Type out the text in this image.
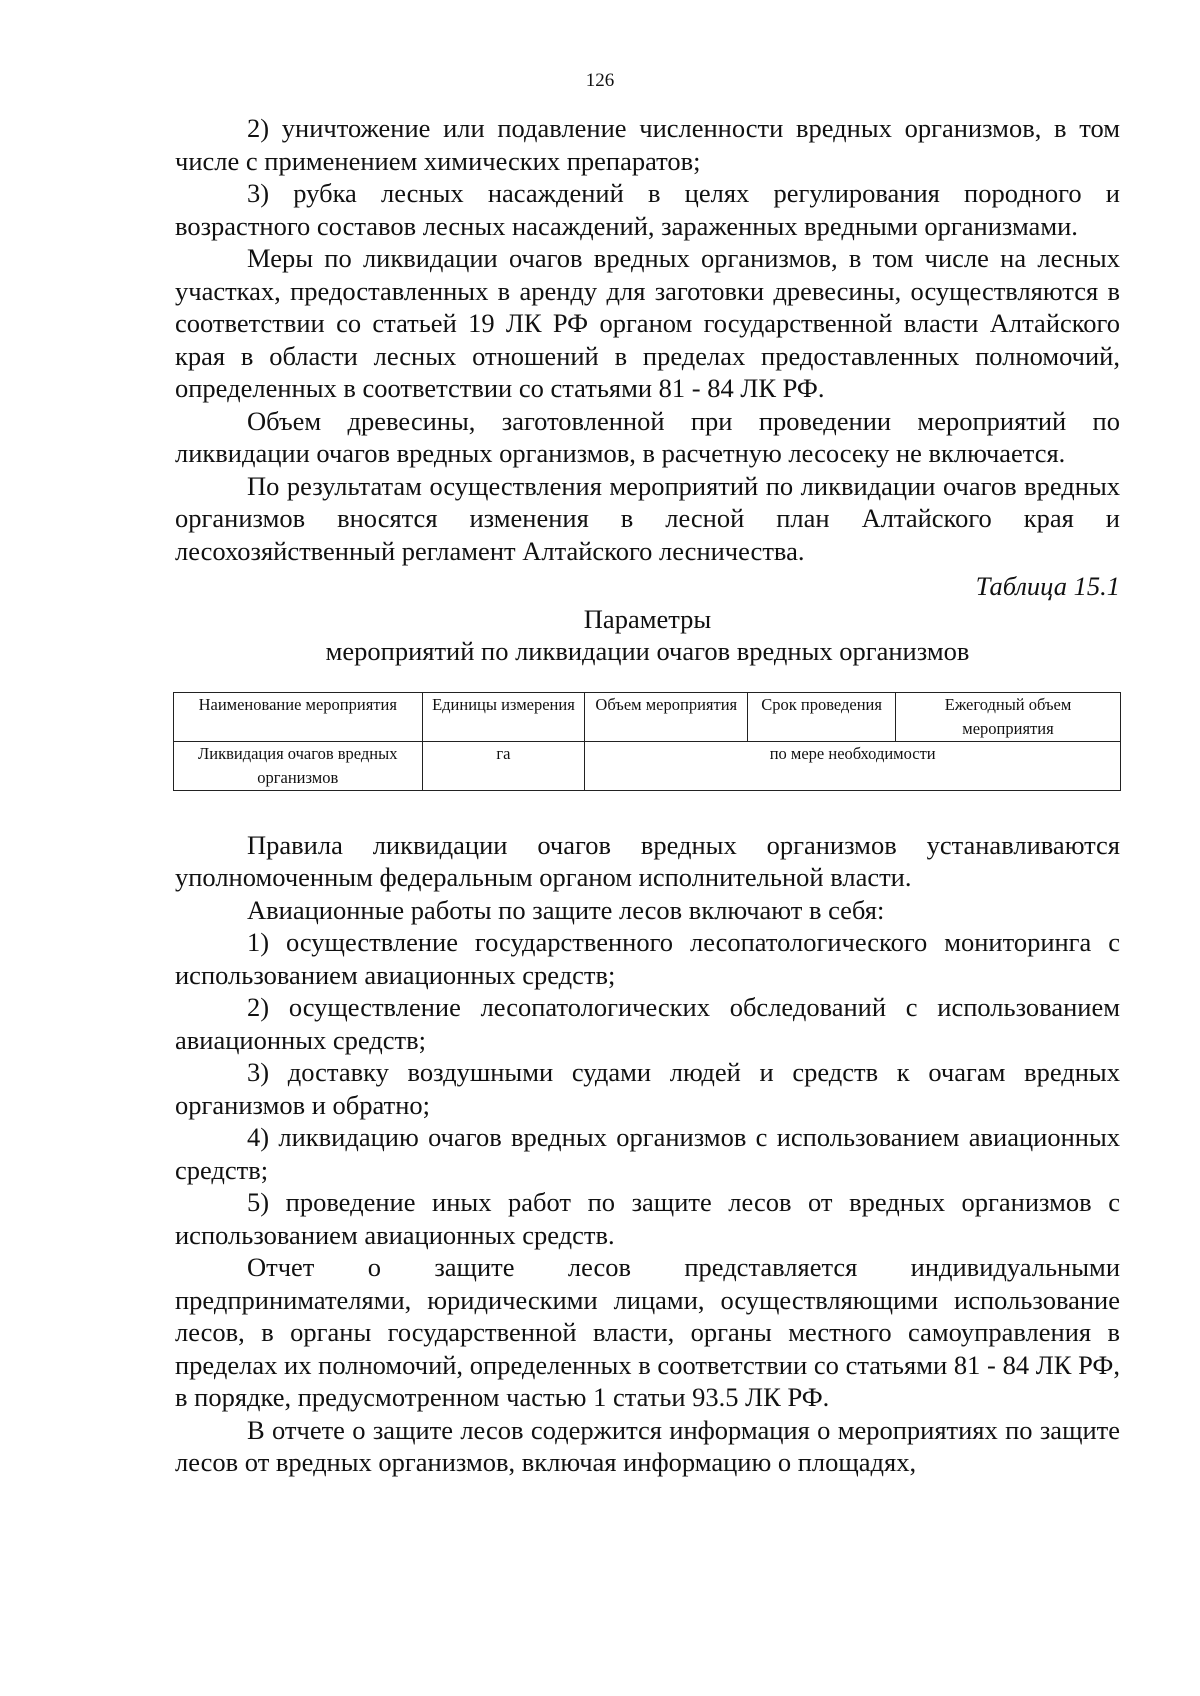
126

2) уничтожение или подавление численности вредных организмов, в том числе с применением химических препаратов;

3) рубка лесных насаждений в целях регулирования породного и возрастного составов лесных насаждений, зараженных вредными организмами.

Меры по ликвидации очагов вредных организмов, в том числе на лесных участках, предоставленных в аренду для заготовки древесины, осуществляются в соответствии со статьей 19 ЛК РФ органом государственной власти Алтайского края в области лесных отношений в пределах предоставленных полномочий, определенных в соответствии со статьями 81 - 84 ЛК РФ.

Объем древесины, заготовленной при проведении мероприятий по ликвидации очагов вредных организмов, в расчетную лесосеку не включается.

По результатам осуществления мероприятий по ликвидации очагов вредных организмов вносятся изменения в лесной план Алтайского края и лесохозяйственный регламент Алтайского лесничества.

Таблица 15.1

Параметры

мероприятий по ликвидации очагов вредных организмов

Наименование мероприятия	Единицы измерения	Объем мероприятия	Срок проведения	Ежегодный объем мероприятия
Ликвидация очагов вредных организмов	га	по мере необходимости		

Правила ликвидации очагов вредных организмов устанавливаются уполномоченным федеральным органом исполнительной власти.

Авиационные работы по защите лесов включают в себя:

1) осуществление государственного лесопатологического мониторинга с использованием авиационных средств;

2) осуществление лесопатологических обследований с использованием авиационных средств;

3) доставку воздушными судами людей и средств к очагам вредных организмов и обратно;

4) ликвидацию очагов вредных организмов с использованием авиационных средств;

5) проведение иных работ по защите лесов от вредных организмов с использованием авиационных средств.

Отчет о защите лесов представляется индивидуальными предпринимателями, юридическими лицами, осуществляющими использование лесов, в органы государственной власти, органы местного самоуправления в пределах их полномочий, определенных в соответствии со статьями 81 - 84 ЛК РФ, в порядке, предусмотренном частью 1 статьи 93.5 ЛК РФ.

В отчете о защите лесов содержится информация о мероприятиях по защите лесов от вредных организмов, включая информацию о площадях,
